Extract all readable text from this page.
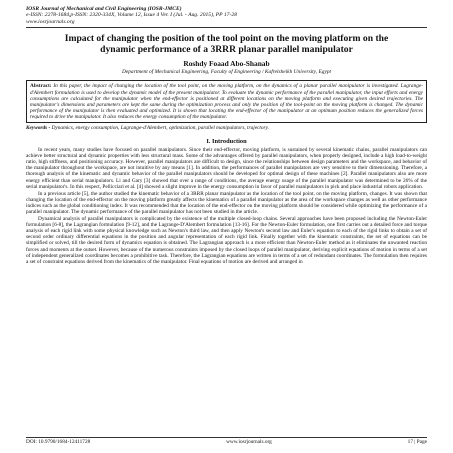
IOSR Journal of Mechanical and Civil Engineering (IOSR-JMCE)
e-ISSN: 2278-1684,p-ISSN: 2320-334X, Volume 12, Issue 4 Ver. I (Jul. - Aug. 2015), PP 17-28
www.iosrjournals.org
Impact of changing the position of the tool point on the moving platform on the dynamic performance of a 3RRR planar parallel manipulator
Roshdy Foaad Abo-Shanab
Department of Mechanical Engineering, Faculty of Engineering / Kafrelsheikh University, Egypt
Abstract: In this paper, the impact of changing the location of the tool point, on the moving platform, on the dynamics of a planar parallel manipulator is investigated. Lagrange-d'Alembert formulation is used to develop the dynamic model of the present manipulator. To evaluate the dynamic performance of the parallel manipulator, the input efforts and energy consumptions are calculated for the manipulator when the end-effector is positioned at different locations on the moving platform and executing given desired trajectories. The manipulator's dimensions and parameters are kept the same during the optimization process and only the position of the tool-point on the moving platform is changed. The dynamic performance of the manipulator is then evaluated and optimized. It is shown that locating the end-effector of the manipulator at an optimum position reduces the generalized forces required to drive the manipulator. It also reduces the energy consumption of the manipulator.
Keywords - Dynamics, energy consumption, Lagrange-d'Alembert, optimization, parallel manipulators, trajectory.
I. Introduction

In recent years, many studies have focused on parallel manipulators. Since their end-effector, moving platform, is sustained by several kinematic chains, parallel manipulators can achieve better structural and dynamic properties with less structural mass. Some of the advantages offered by parallel manipulators, when properly designed, include a high load-to-weight ratio, high stiffness, and positioning accuracy. However, parallel manipulators are difficult to design, since the relationships between design parameters and the workspace, and behavior of the manipulator throughout the workspace, are not intuitive by any means [1]. In addition, the performances of parallel manipulators are very sensitive to their dimensioning. Therefore, a thorough analysis of the kinematic and dynamic behavior of the parallel manipulators should be developed for optimal design of these machines [2]. Parallel manipulators also are more energy efficient than serial manipulators. Li and Gary [3] showed that over a range of conditions, the average energy usage of the parallel manipulator was determined to be 26% of the serial manipulator's. In this respect, Pellicciari et al. [4] showed a slight improve in the energy consumption in favor of parallel manipulators in pick and place industrial robots application.

In a previous article [5], the author studied the kinematic behavior of a 3RRR planar manipulator as the location of the tool point, on the moving platform, changes. It was shown that changing the location of the end-effector on the moving platform greatly affects the kinematics of a parallel manipulator as the area of the workspace changes as well as other performance indices such as the global conditioning index. It was recommended that the location of the end-effector on the moving platform should be considered while optimizing the performance of a parallel manipulator. The dynamic performance of the parallel manipulator has not been studied in the article.

Dynamical analysis of parallel manipulators is complicated by the existence of the multiple closed-loop chains. Several approaches have been proposed including the Newton-Euler formulation [6-8], the Lagrangian formulation [9-12], and the Lagrange-D'Alembert formulation [13-16]. For the Newton-Euler formulation, one first carries out a detailed force and torque analysis of each rigid link with some physical knowledge such as Newton's third law, and then apply Newton's second law and Euler's equation to each of the rigid links to obtain a set of second order ordinary differential equations in the position and angular representation of each rigid link. Finally together with the kinematic constraints, the set of equations can be simplified or solved, till the desired form of dynamics equation is obtained. The Lagrangian approach is a more efficient than Newton-Euler method as it eliminates the unwanted reaction forces and moments at the outset. However, because of the numerous constraints imposed by the closed loops of parallel manipulator, deriving explicit equations of motion in terms of a set of independent generalized coordinates becomes a prohibitive task. Therefore, the Lagrangian equations are written in terms of a set of redundant coordinates. The formulation then requires a set of constraint equations derived from the kinematics of the manipulator. Final equations of motion are derived and arranged in

DOI: 10.9790/1684-12411728	www.iosrjournals.org	17 | Page
